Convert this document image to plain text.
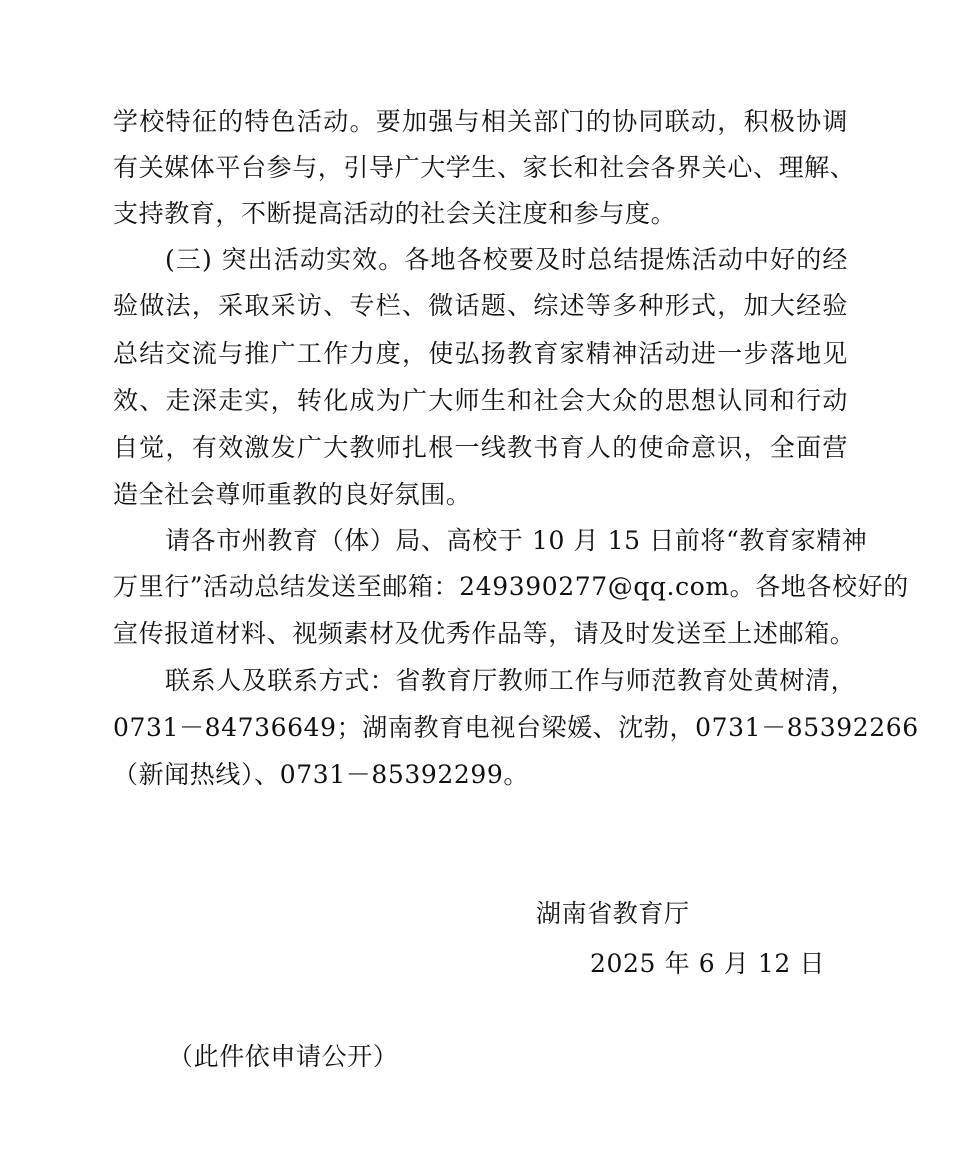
学校特征的特色活动。要加强与相关部门的协同联动，积极协调
有关媒体平台参与，引导广大学生、家长和社会各界关心、理解、
支持教育，不断提高活动的社会关注度和参与度。
(三) 突出活动实效。各地各校要及时总结提炼活动中好的经
验做法，采取采访、专栏、微话题、综述等多种形式，加大经验
总结交流与推广工作力度，使弘扬教育家精神活动进一步落地见
效、走深走实，转化成为广大师生和社会大众的思想认同和行动
自觉，有效激发广大教师扎根一线教书育人的使命意识，全面营
造全社会尊师重教的良好氛围。
请各市州教育（体）局、高校于 10 月 15 日前将“教育家精神
万里行”活动总结发送至邮箱：249390277@qq.com。各地各校好的
宣传报道材料、视频素材及优秀作品等，请及时发送至上述邮箱。
联系人及联系方式：省教育厅教师工作与师范教育处黄树清，
0731－84736649；湖南教育电视台梁媛、沈勃，0731－85392266
（新闻热线）、0731－85392299。
湖南省教育厅
2025 年 6 月 12 日
（此件依申请公开）
